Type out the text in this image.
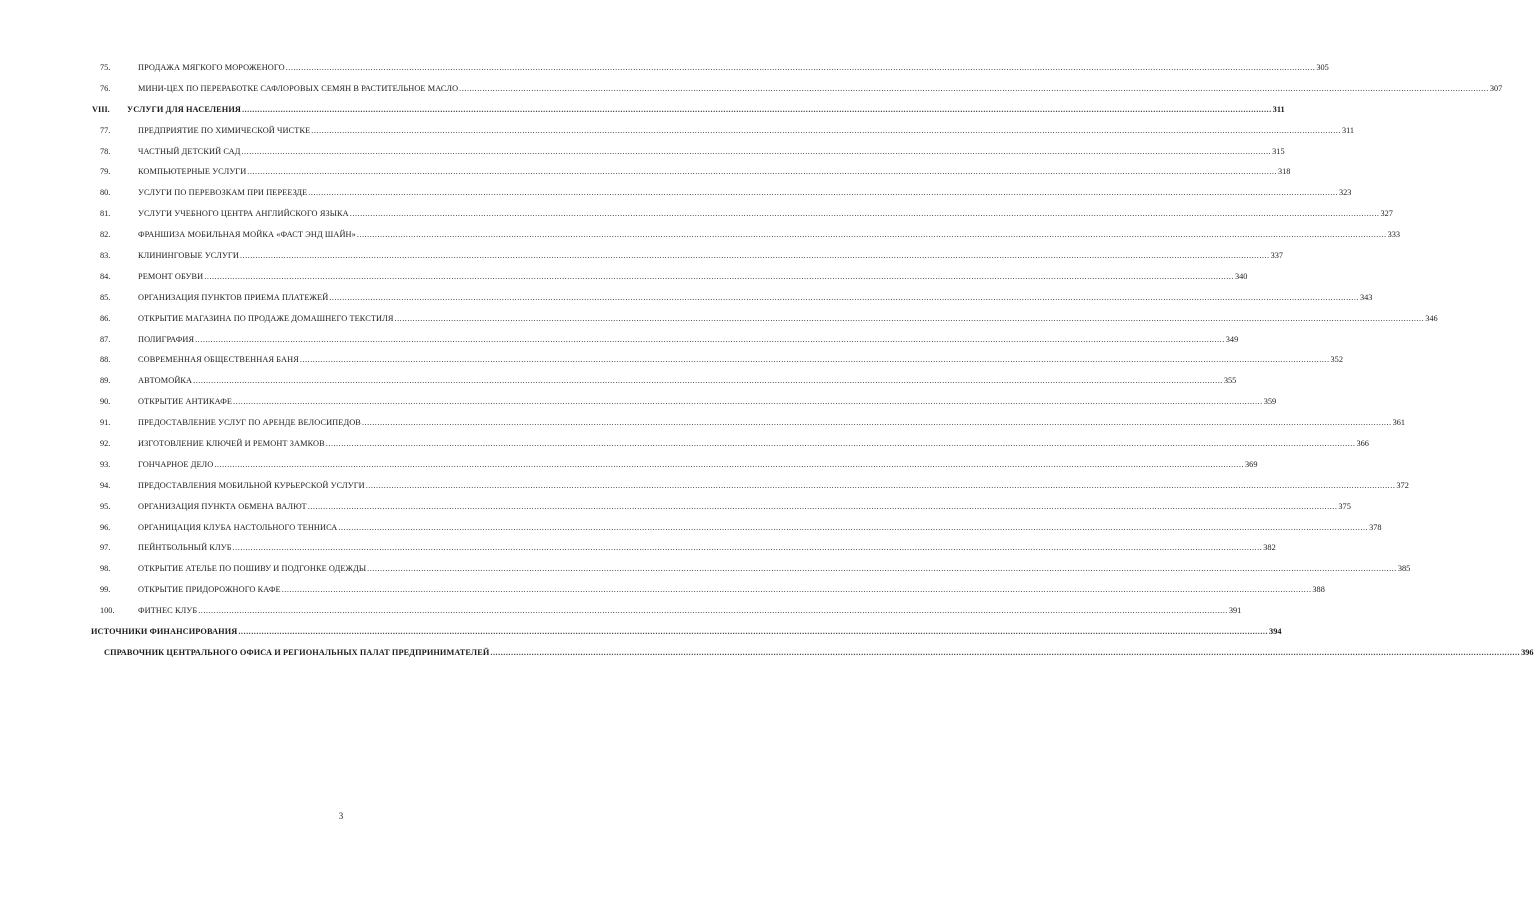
75.	ПРОДАЖА МЯГКОГО МОРОЖЕНОГО ................................................................................................................................................................................................................................................................................................................................................................................................................ 305
76.	МИНИ-ЦЕХ ПО ПЕРЕРАБОТКЕ САФЛОРОВЫХ СЕМЯН В РАСТИТЕЛЬНОЕ МАСЛО ................................................................................................................................................................................................................................................................................................................................................................................................................ 307
VIII.	УСЛУГИ ДЛЯ НАСЕЛЕНИЯ ................................................................................................................................................................................................................................................................................................................................................................................................................ 311
77.	ПРЕДПРИЯТИЕ ПО ХИМИЧЕСКОЙ ЧИСТКЕ ................................................................................................................................................................................................................................................................................................................................................................................................................ 311
78.	ЧАСТНЫЙ ДЕТСКИЙ САД ................................................................................................................................................................................................................................................................................................................................................................................................................ 315
79.	КОМПЬЮТЕРНЫЕ УСЛУГИ ................................................................................................................................................................................................................................................................................................................................................................................................................ 318
80.	УСЛУГИ ПО ПЕРЕВОЗКАМ ПРИ ПЕРЕЕЗДЕ ................................................................................................................................................................................................................................................................................................................................................................................................................ 323
81.	УСЛУГИ УЧЕБНОГО ЦЕНТРА АНГЛИЙСКОГО ЯЗЫКА ................................................................................................................................................................................................................................................................................................................................................................................................................ 327
82.	ФРАНШИЗА МОБИЛЬНАЯ МОЙКА «ФАСТ ЭНД ШАЙН» ................................................................................................................................................................................................................................................................................................................................................................................................................ 333
83.	КЛИНИНГОВЫЕ УСЛУГИ ................................................................................................................................................................................................................................................................................................................................................................................................................ 337
84.	РЕМОНТ ОБУВИ ................................................................................................................................................................................................................................................................................................................................................................................................................ 340
85.	ОРГАНИЗАЦИЯ ПУНКТОВ ПРИЕМА ПЛАТЕЖЕЙ ................................................................................................................................................................................................................................................................................................................................................................................................................ 343
86.	ОТКРЫТИЕ МАГАЗИНА ПО ПРОДАЖЕ ДОМАШНЕГО ТЕКСТИЛЯ ................................................................................................................................................................................................................................................................................................................................................................................................................ 346
87.	ПОЛИГРАФИЯ ................................................................................................................................................................................................................................................................................................................................................................................................................ 349
88.	СОВРЕМЕННАЯ ОБЩЕСТВЕННАЯ БАНЯ ................................................................................................................................................................................................................................................................................................................................................................................................................ 352
89.	АВТОМОЙКА ................................................................................................................................................................................................................................................................................................................................................................................................................ 355
90.	ОТКРЫТИЕ АНТИКАФЕ ................................................................................................................................................................................................................................................................................................................................................................................................................ 359
91.	ПРЕДОСТАВЛЕНИЕ УСЛУГ ПО АРЕНДЕ ВЕЛОСИПЕДОВ ................................................................................................................................................................................................................................................................................................................................................................................................................ 361
92.	ИЗГОТОВЛЕНИЕ КЛЮЧЕЙ И РЕМОНТ ЗАМКОВ ................................................................................................................................................................................................................................................................................................................................................................................................................ 366
93.	ГОНЧАРНОЕ ДЕЛО ................................................................................................................................................................................................................................................................................................................................................................................................................ 369
94.	ПРЕДОСТАВЛЕНИЯ МОБИЛЬНОЙ КУРЬЕРСКОЙ УСЛУГИ ................................................................................................................................................................................................................................................................................................................................................................................................................ 372
95.	ОРГАНИЗАЦИЯ ПУНКТА ОБМЕНА ВАЛЮТ ................................................................................................................................................................................................................................................................................................................................................................................................................ 375
96.	ОРГАНИЦАЦИЯ КЛУБА НАСТОЛЬНОГО ТЕННИСА ................................................................................................................................................................................................................................................................................................................................................................................................................ 378
97.	ПЕЙНТБОЛЬНЫЙ КЛУБ ................................................................................................................................................................................................................................................................................................................................................................................................................ 382
98.	ОТКРЫТИЕ АТЕЛЬЕ ПО ПОШИВУ И ПОДГОНКЕ ОДЕЖДЫ ................................................................................................................................................................................................................................................................................................................................................................................................................ 385
99.	ОТКРЫТИЕ ПРИДОРОЖНОГО КАФЕ ................................................................................................................................................................................................................................................................................................................................................................................................................ 388
100.	ФИТНЕС КЛУБ ................................................................................................................................................................................................................................................................................................................................................................................................................ 391
ИСТОЧНИКИ ФИНАНСИРОВАНИЯ ................................................................................................................................................................................................................................................................................................................................................................................................................ 394
СПРАВОЧНИК ЦЕНТРАЛЬНОГО ОФИСА И РЕГИОНАЛЬНЫХ ПАЛАТ ПРЕДПРИНИМАТЕЛЕЙ ................................................................................................................................................................................................................................................................................................................................................................................................................ 396
3
